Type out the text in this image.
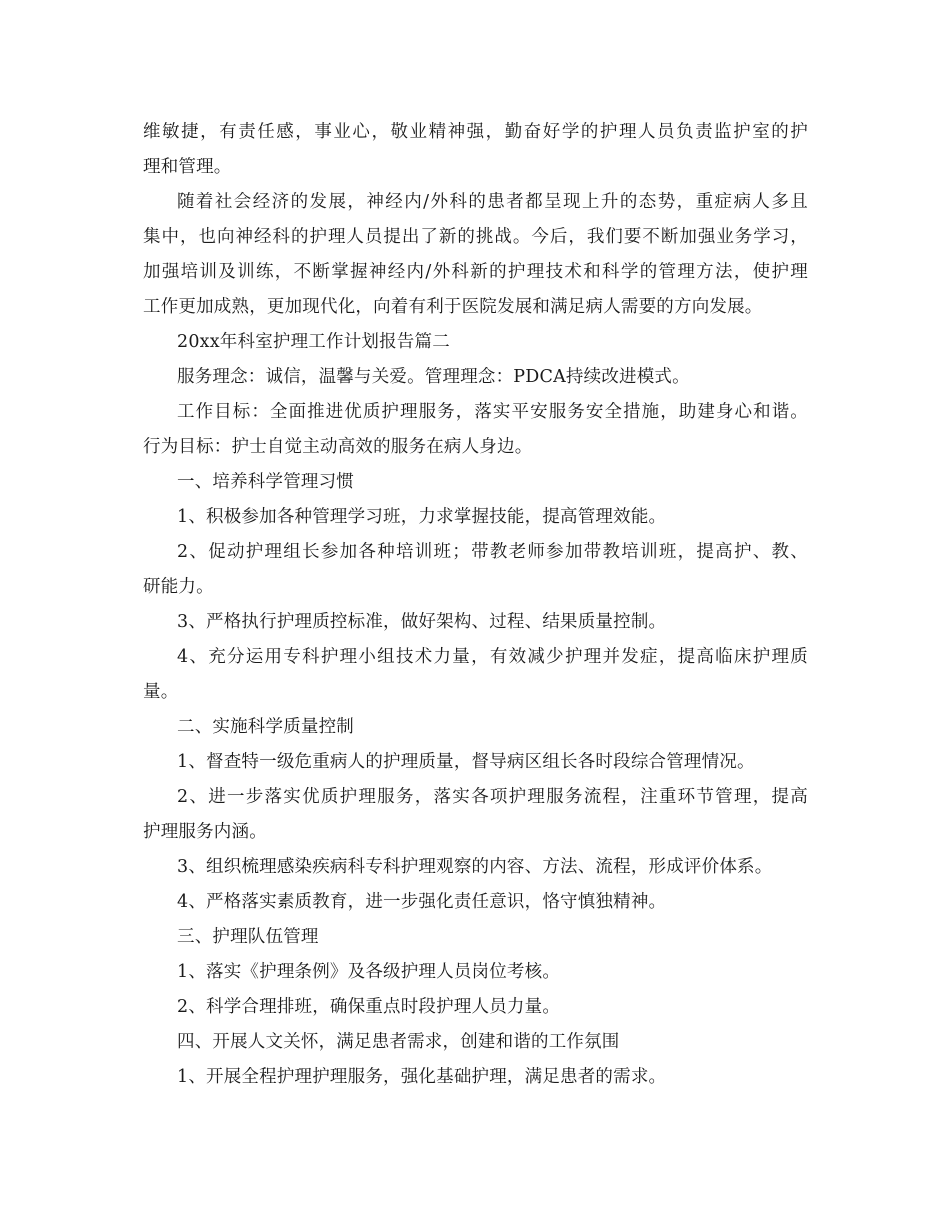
维敏捷，有责任感，事业心，敬业精神强，勤奋好学的护理人员负责监护室的护
理和管理。
随着社会经济的发展，神经内/外科的患者都呈现上升的态势，重症病人多且
集中，也向神经科的护理人员提出了新的挑战。今后，我们要不断加强业务学习，
加强培训及训练，不断掌握神经内/外科新的护理技术和科学的管理方法，使护理
工作更加成熟，更加现代化，向着有利于医院发展和满足病人需要的方向发展。
20xx年科室护理工作计划报告篇二
服务理念：诚信，温馨与关爱。管理理念：PDCA持续改进模式。
工作目标：全面推进优质护理服务，落实平安服务安全措施，助建身心和谐。
行为目标：护士自觉主动高效的服务在病人身边。
一、培养科学管理习惯
1、积极参加各种管理学习班，力求掌握技能，提高管理效能。
2、促动护理组长参加各种培训班；带教老师参加带教培训班，提高护、教、
研能力。
3、严格执行护理质控标准，做好架构、过程、结果质量控制。
4、充分运用专科护理小组技术力量，有效减少护理并发症，提高临床护理质
量。
二、实施科学质量控制
1、督查特一级危重病人的护理质量，督导病区组长各时段综合管理情况。
2、进一步落实优质护理服务，落实各项护理服务流程，注重环节管理，提高
护理服务内涵。
3、组织梳理感染疾病科专科护理观察的内容、方法、流程，形成评价体系。
4、严格落实素质教育，进一步强化责任意识，恪守慎独精神。
三、护理队伍管理
1、落实《护理条例》及各级护理人员岗位考核。
2、科学合理排班，确保重点时段护理人员力量。
四、开展人文关怀，满足患者需求，创建和谐的工作氛围
1、开展全程护理护理服务，强化基础护理，满足患者的需求。
